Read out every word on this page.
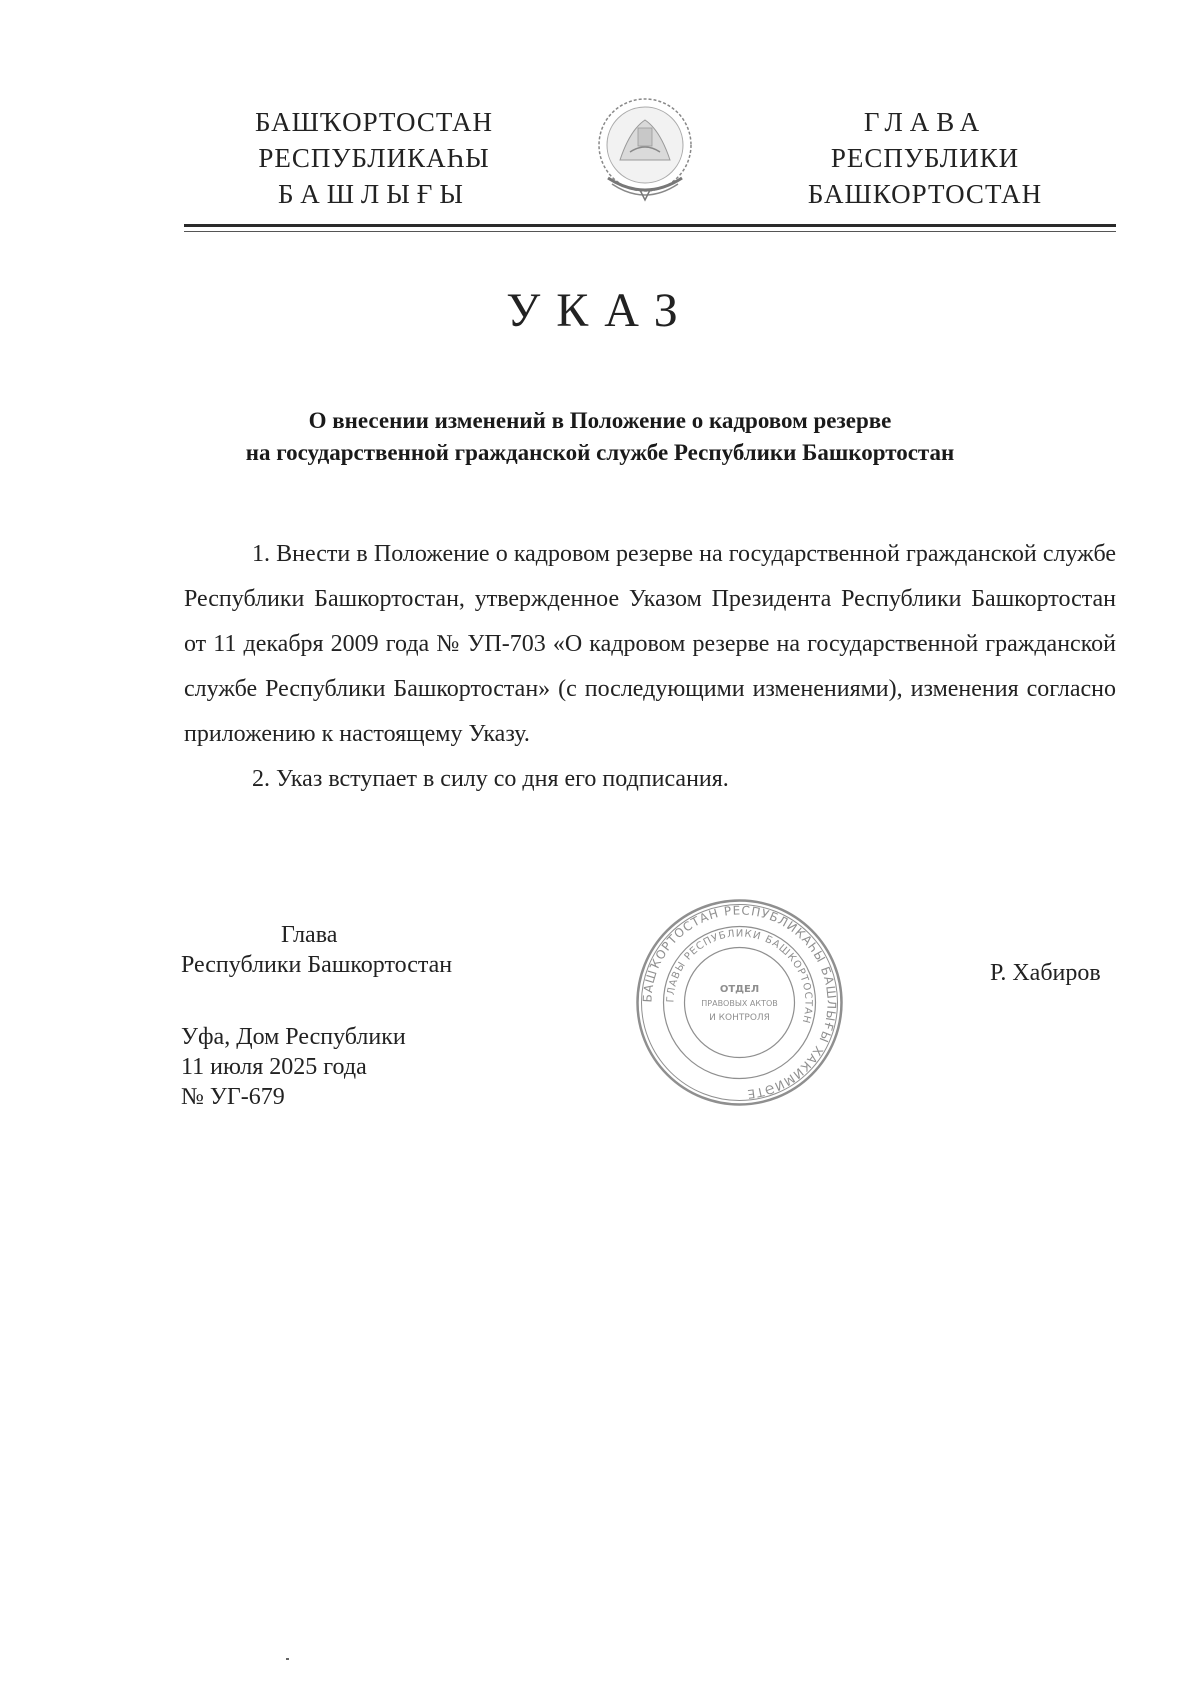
БАШҠОРТОСТАН
РЕСПУБЛИКАҺЫ
БАШЛЫҒЫ
ГЛАВА
РЕСПУБЛИКИ
БАШКОРТОСТАН
УКАЗ
О внесении изменений в Положение о кадровом резерве
на государственной гражданской службе Республики Башкортостан

1. Внести в Положение о кадровом резерве на государственной гражданской службе Республики Башкортостан, утвержденное Указом Президента Республики Башкортостан от 11 декабря 2009 года № УП-703 «О кадровом резерве на государственной гражданской службе Республики Башкортостан» (с последующими изменениями), изменения согласно приложению к настоящему Указу.

2. Указ вступает в силу со дня его подписания.

Глава
Республики Башкортостан
БАШҠОРТОСТАН РЕСПУБЛИКАҺЫ БАШЛЫҒЫ ХАКИМИӘТЕ
ГЛАВЫ РЕСПУБЛИКИ БАШКОРТОСТАН
ОТДЕЛ
ПРАВОВЫХ АКТОВ
И КОНТРОЛЯ
Р. Хабиров
Уфа, Дом Республики
11 июля 2025 года
№ УГ-679
